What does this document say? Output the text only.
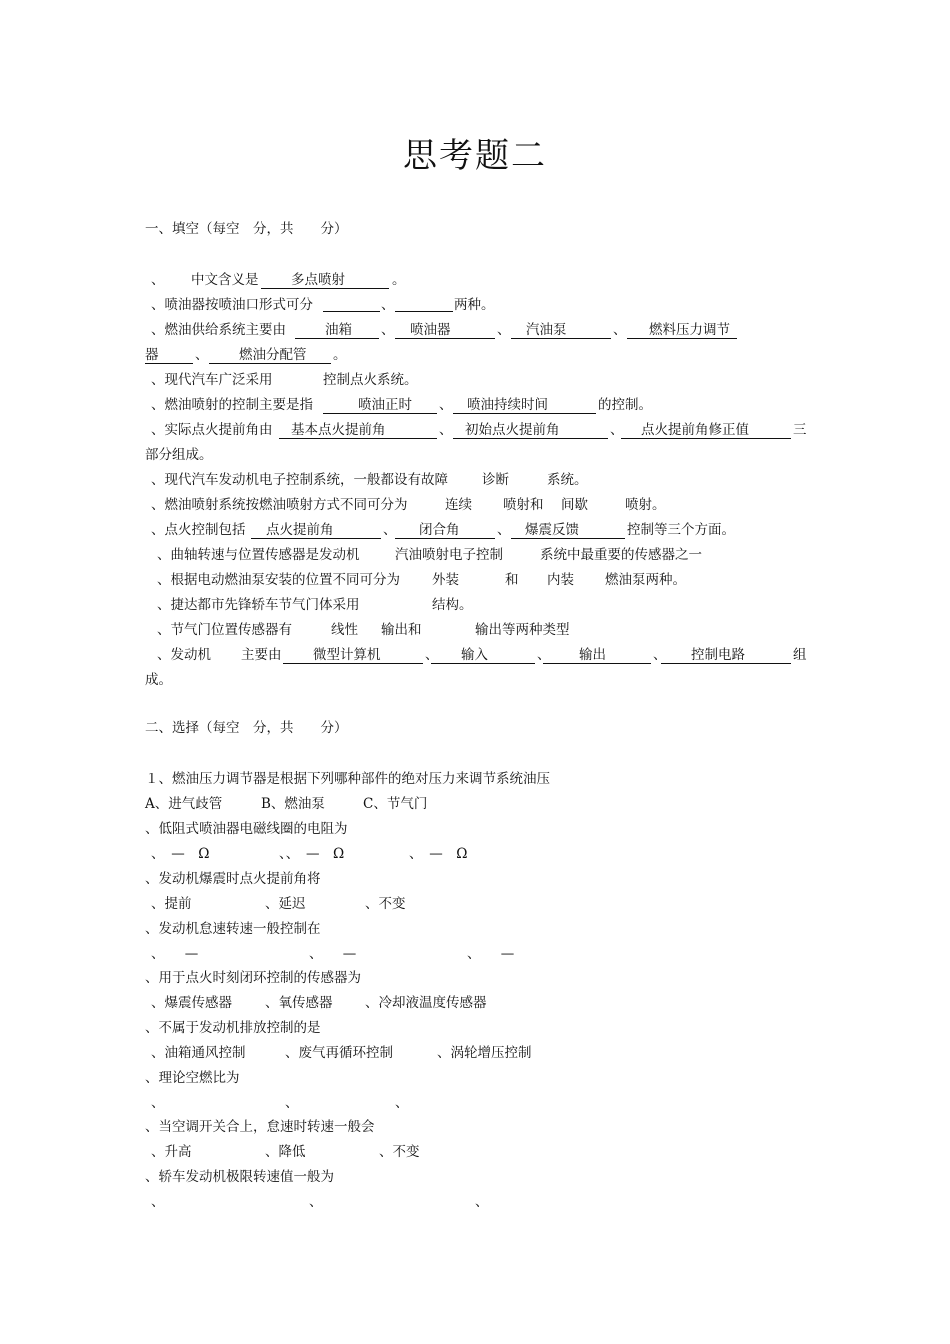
思考题二
一、填空（每空　分，共　　分）
、 中文含义是	多点喷射	。
、喷油器按喷油口形式可分	、	两种。
、燃油供给系统主要由	油箱	、	喷油器	、	汽油泵	、	燃料压力调节
器	、	燃油分配管	。
、现代汽车广泛采用	控制点火系统。
、燃油喷射的控制主要是指	喷油正时	、	喷油持续时间	的控制。
、实际点火提前角由	基本点火提前角	、 初始点火提前角	、	点火提前角修正值	三
部分组成。
、现代汽车发动机电子控制系统，一般都设有故障	诊断	系统。
、燃油喷射系统按燃油喷射方式不同可分为	连续 喷射和 间歇	喷射。
、点火控制包括	点火提前角	、	闭合角	、	爆震反馈	控制等三个方面。
、曲轴转速与位置传感器是发动机	汽油喷射电子控制	系统中最重要的传感器之一
、根据电动燃油泵安装的位置不同可分为 外装	和 内装 燃油泵两种。
、捷达都市先锋轿车节气门体采用	结构。
、节气门位置传感器有	线性 输出和	输出等两种类型
、发动机 主要由	微型计算机	、	输入	、	输出	、	控制电路	组
成。
二、选择（每空　分，共　　分）
１、燃油压力调节器是根据下列哪种部件的绝对压力来调节系统油压
A、进气歧管	B、燃油泵	C、节气门
、低阻式喷油器电磁线圈的电阻为
、　—　Ω	、、　—　Ω	、　—　Ω
、发动机爆震时点火提前角将
、提前	、延迟	、不变
、发动机怠速转速一般控制在
、　　—	、　　—	、　　—
、用于点火时刻闭环控制的传感器为
、爆震传感器 、氧传感器 、冷却液温度传感器
、不属于发动机排放控制的是
、油箱通风控制	、废气再循环控制	、涡轮增压控制
、理论空燃比为
、	、	、
、当空调开关合上，怠速时转速一般会
、升高	、降低	、不变
、轿车发动机极限转速值一般为
、	、	、
